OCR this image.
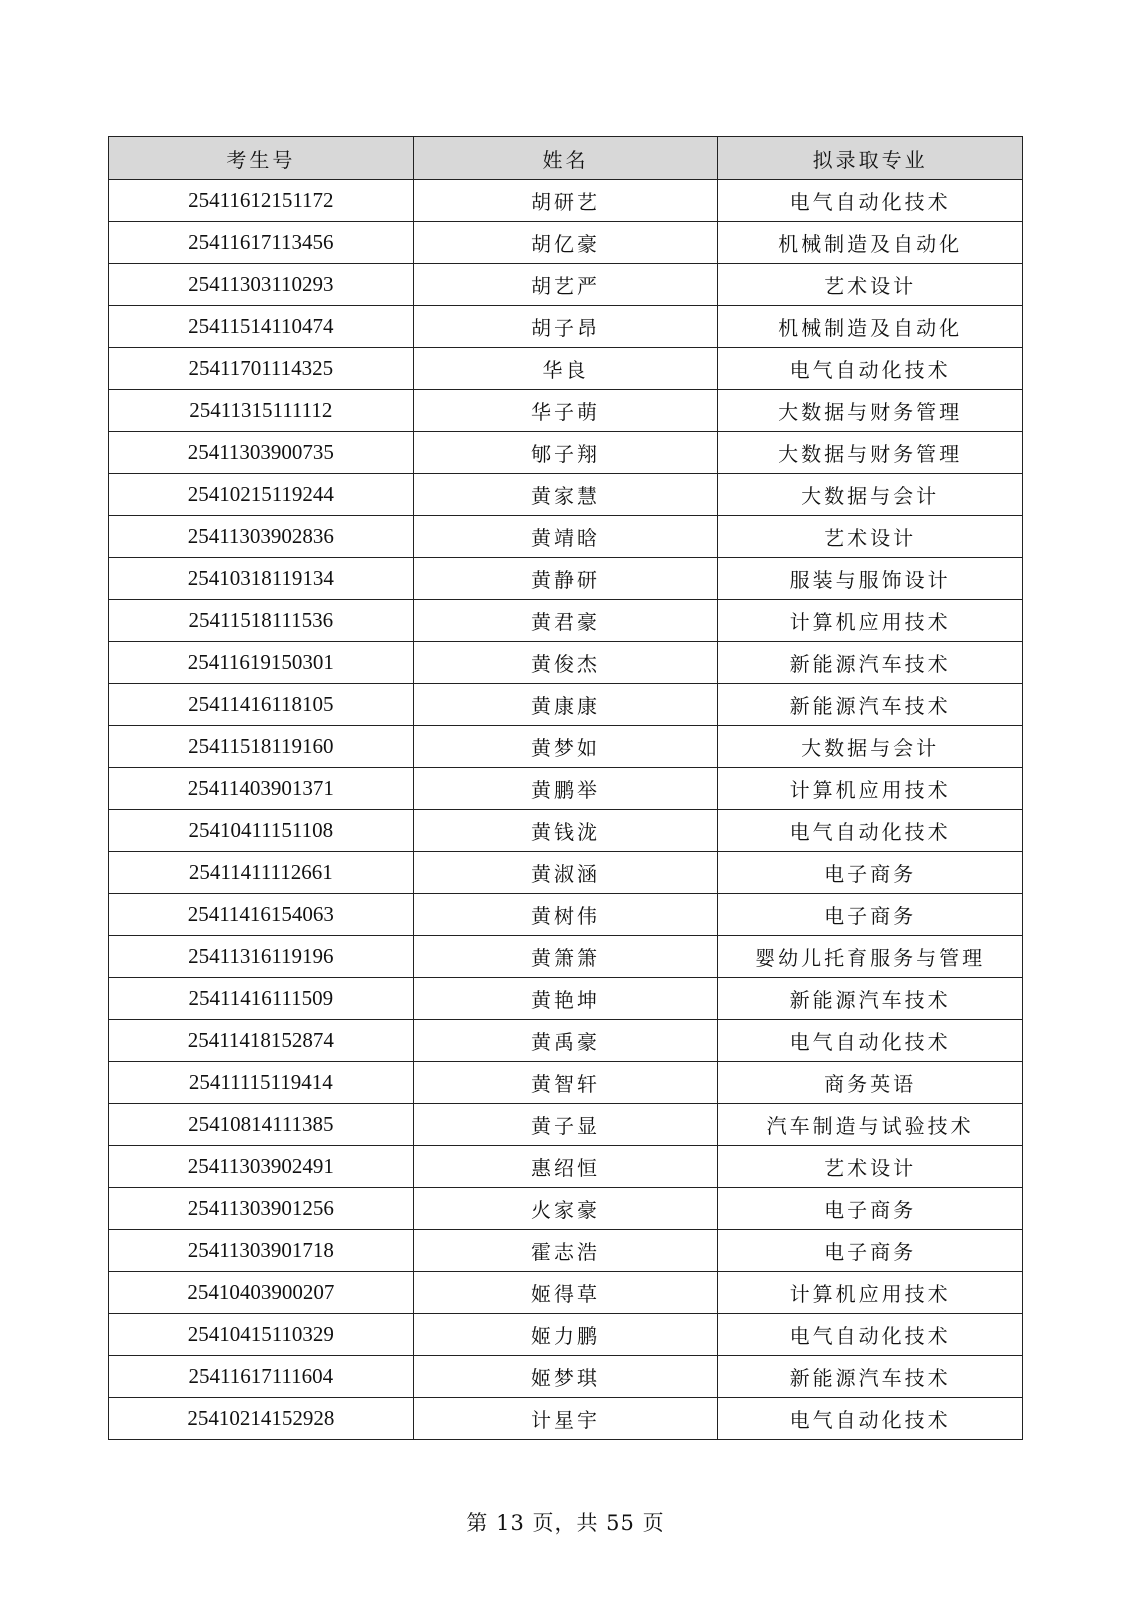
考生号	姓名	拟录取专业
25411612151172	胡研艺	电气自动化技术
25411617113456	胡亿豪	机械制造及自动化
25411303110293	胡艺严	艺术设计
25411514110474	胡子昂	机械制造及自动化
25411701114325	华良	电气自动化技术
25411315111112	华子萌	大数据与财务管理
25411303900735	郇子翔	大数据与财务管理
25410215119244	黄家慧	大数据与会计
25411303902836	黄靖晗	艺术设计
25410318119134	黄静研	服装与服饰设计
25411518111536	黄君豪	计算机应用技术
25411619150301	黄俊杰	新能源汽车技术
25411416118105	黄康康	新能源汽车技术
25411518119160	黄梦如	大数据与会计
25411403901371	黄鹏举	计算机应用技术
25410411151108	黄钱泷	电气自动化技术
25411411112661	黄淑涵	电子商务
25411416154063	黄树伟	电子商务
25411316119196	黄箫箫	婴幼儿托育服务与管理
25411416111509	黄艳坤	新能源汽车技术
25411418152874	黄禹豪	电气自动化技术
25411115119414	黄智轩	商务英语
25410814111385	黄子显	汽车制造与试验技术
25411303902491	惠绍恒	艺术设计
25411303901256	火家豪	电子商务
25411303901718	霍志浩	电子商务
25410403900207	姬得草	计算机应用技术
25410415110329	姬力鹏	电气自动化技术
25411617111604	姬梦琪	新能源汽车技术
25410214152928	计星宇	电气自动化技术
第 13 页，共 55 页
